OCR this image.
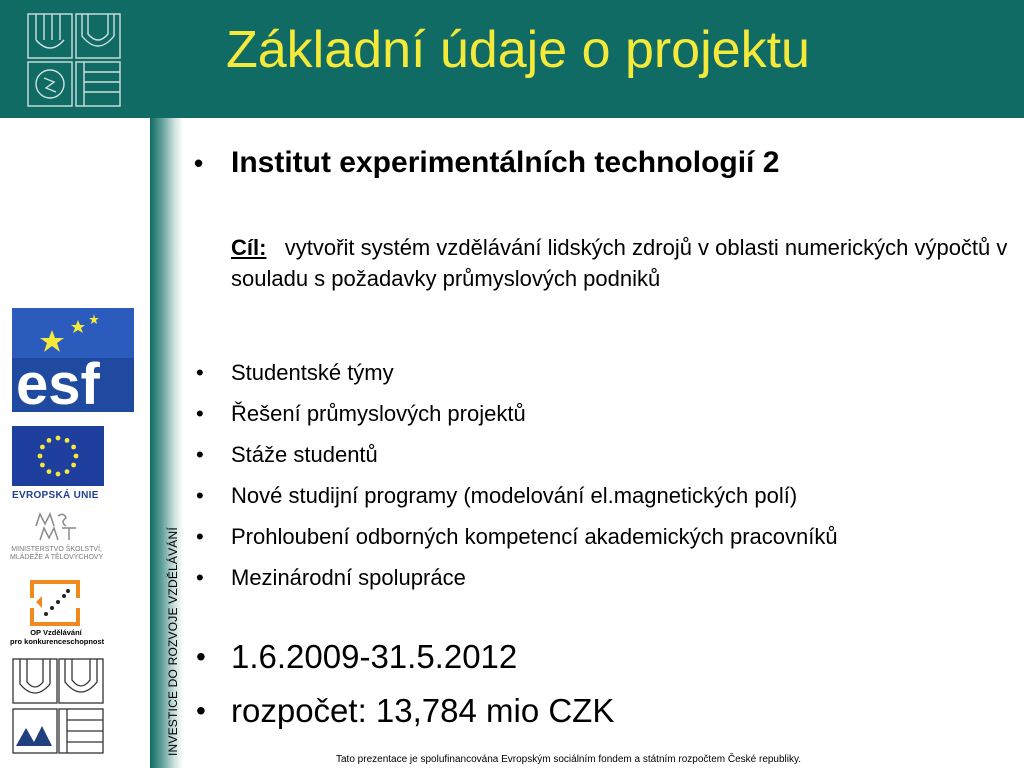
Základní údaje o projektu
INVESTICE DO ROZVOJE VZDĚLÁVÁNÍ
esf
EVROPSKÁ UNIE
MINISTERSTVO ŠKOLSTVÍ,
MLÁDEŽE A TĚLOVÝCHOVY
OP Vzdělávání
pro konkurenceschopnost
• Institut experimentálních technologií 2
Cíl: vytvořit systém vzdělávání lidských zdrojů v oblasti numerických výpočtů v souladu s požadavky průmyslových podniků
• Studentské týmy
• Řešení průmyslových projektů
• Stáže studentů
• Nové studijní programy (modelování el.magnetických polí)
• Prohloubení odborných kompetencí akademických pracovníků
• Mezinárodní spolupráce
• 1.6.2009-31.5.2012
• rozpočet: 13,784 mio CZK
Tato prezentace je spolufinancována Evropským sociálním fondem a státním rozpočtem České republiky.
